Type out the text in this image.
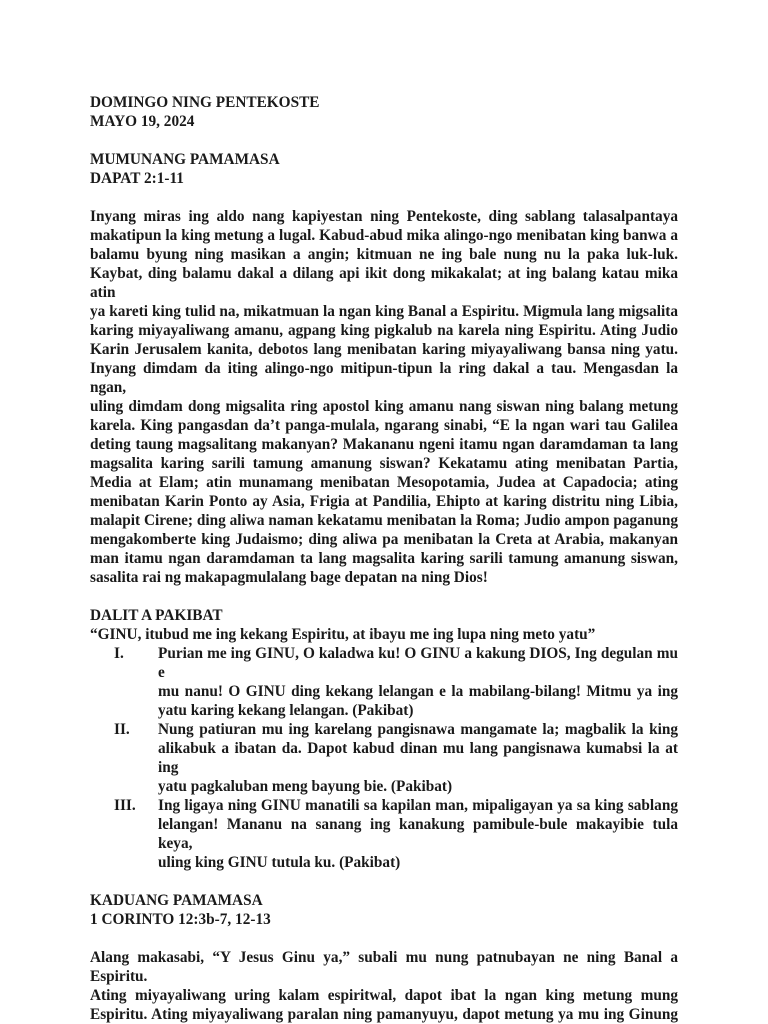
DOMINGO NING PENTEKOSTE
MAYO 19, 2024
MUMUNANG PAMAMASA
DAPAT 2:1-11
Inyang miras ing aldo nang kapiyestan ning Pentekoste, ding sablang talasalpantaya
makatipun la king metung a lugal. Kabud-abud mika alingo-ngo menibatan king banwa a
balamu byung ning masikan a angin; kitmuan ne ing bale nung nu la paka luk-luk.
Kaybat, ding balamu dakal a dilang api ikit dong mikakalat; at ing balang katau mika atin
ya kareti king tulid na, mikatmuan la ngan king Banal a Espiritu. Migmula lang migsalita
karing miyayaliwang amanu, agpang king pigkalub na karela ning Espiritu. Ating Judio
Karin Jerusalem kanita, debotos lang menibatan karing miyayaliwang bansa ning yatu.
Inyang dimdam da iting alingo-ngo mitipun-tipun la ring dakal a tau. Mengasdan la ngan,
uling dimdam dong migsalita ring apostol king amanu nang siswan ning balang metung
karela. King pangasdan da’t panga-mulala, ngarang sinabi, “E la ngan wari tau Galilea
deting taung magsalitang makanyan? Makananu ngeni itamu ngan daramdaman ta lang
magsalita karing sarili tamung amanung siswan? Kekatamu ating menibatan Partia,
Media at Elam; atin munamang menibatan Mesopotamia, Judea at Capadocia; ating
menibatan Karin Ponto ay Asia, Frigia at Pandilia, Ehipto at karing distritu ning Libia,
malapit Cirene; ding aliwa naman kekatamu menibatan la Roma; Judio ampon paganung
mengakomberte king Judaismo; ding aliwa pa menibatan la Creta at Arabia, makanyan
man itamu ngan daramdaman ta lang magsalita karing sarili tamung amanung siswan,
sasalita rai ng makapagmulalang bage depatan na ning Dios!
DALIT A PAKIBAT
“GINU, itubud me ing kekang Espiritu, at ibayu me ing lupa ning meto yatu”
I. Purian me ing GINU, O kaladwa ku! O GINU a kakung DIOS, Ing degulan mu e
mu nanu! O GINU ding kekang lelangan e la mabilang-bilang! Mitmu ya ing
yatu karing kekang lelangan. (Pakibat)
II. Nung patiuran mu ing karelang pangisnawa mangamate la; magbalik la king
alikabuk a ibatan da. Dapot kabud dinan mu lang pangisnawa kumabsi la at ing
yatu pagkaluban meng bayung bie. (Pakibat)
III. Ing ligaya ning GINU manatili sa kapilan man, mipaligayan ya sa king sablang
lelangan! Mananu na sanang ing kanakung pamibule-bule makayibie tula keya,
uling king GINU tutula ku. (Pakibat)
KADUANG PAMAMASA
1 CORINTO 12:3b-7, 12-13
Alang makasabi, “Y Jesus Ginu ya,” subali mu nung patnubayan ne ning Banal a Espiritu.
Ating miyayaliwang uring kalam espiritwal, dapot ibat la ngan king metung mung
Espiritu. Ating miyayaliwang paralan ning pamanyuyu, dapot metung ya mu ing Ginung
